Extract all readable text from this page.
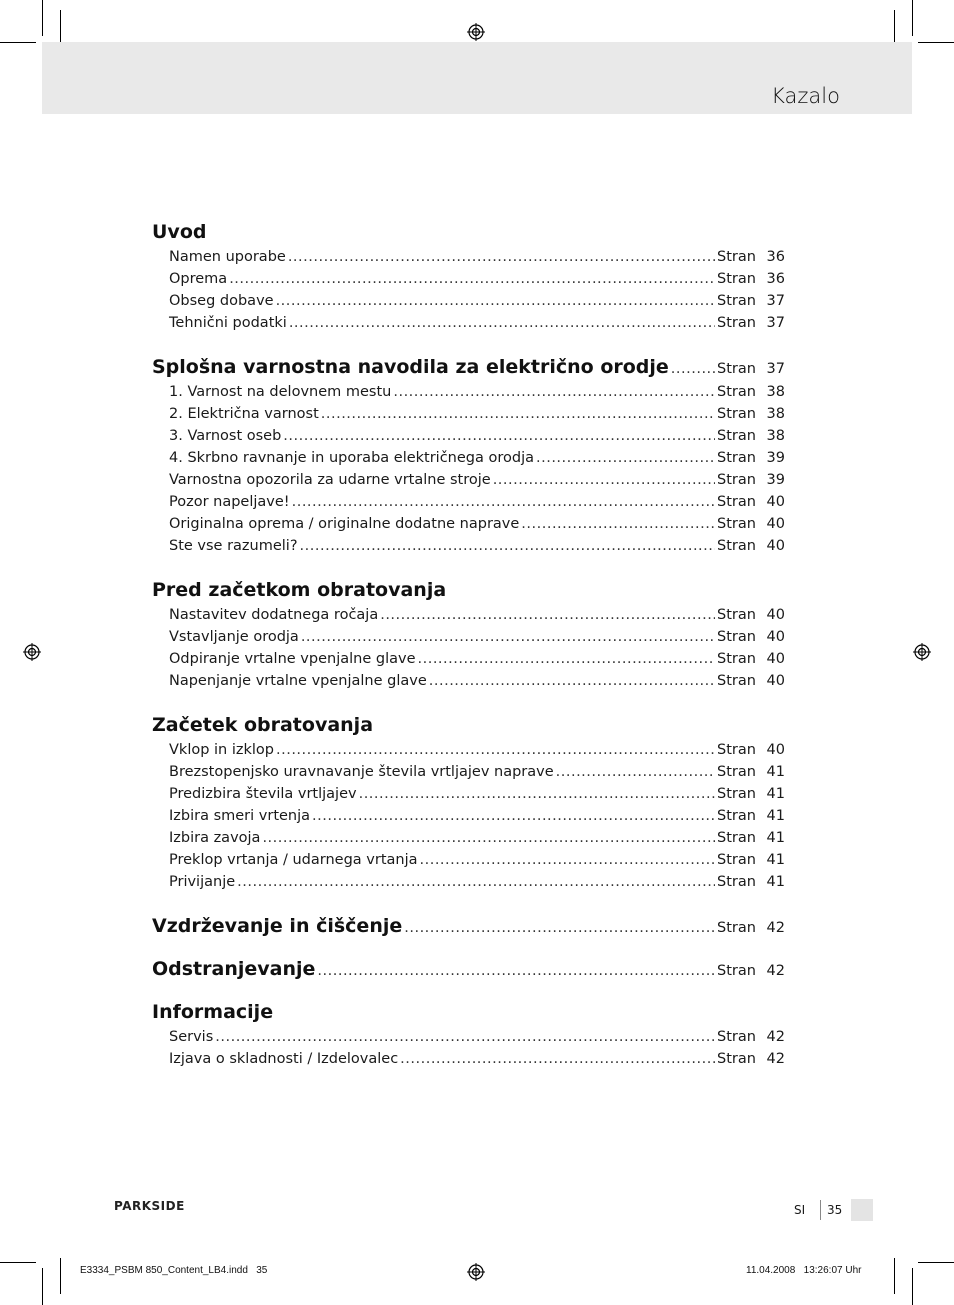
Kazalo
Uvod
Namen uporabe .....	Stran 36
Oprema .....	Stran 36
Obseg dobave .....	Stran 37
Tehnični podatki .....	Stran 37
Splošna varnostna navodila za električno orodje .....	Stran 37
1. Varnost na delovnem mestu .....	Stran 38
2. Električna varnost .....	Stran 38
3. Varnost oseb .....	Stran 38
4. Skrbno ravnanje in uporaba električnega orodja .....	Stran 39
Varnostna opozorila za udarne vrtalne stroje .....	Stran 39
Pozor napeljave! .....	Stran 40
Originalna oprema / originalne dodatne naprave .....	Stran 40
Ste vse razumeli? .....	Stran 40
Pred začetkom obratovanja
Nastavitev dodatnega ročaja .....	Stran 40
Vstavljanje orodja .....	Stran 40
Odpiranje vrtalne vpenjalne glave .....	Stran 40
Napenjanje vrtalne vpenjalne glave .....	Stran 40
Začetek obratovanja
Vklop in izklop .....	Stran 40
Brezstopenjsko uravnavanje števila vrtljajev naprave .....	Stran 41
Predizbira števila vrtljajev .....	Stran 41
Izbira smeri vrtenja .....	Stran 41
Izbira zavoja .....	Stran 41
Preklop vrtanja / udarnega vrtanja .....	Stran 41
Privijanje .....	Stran 41
Vzdrževanje in čiščenje .....	Stran 42
Odstranjevanje .....	Stran 42
Informacije
Servis .....	Stran 42
Izjava o skladnosti / Izdelovalec .....	Stran 42
PARKSIDE	SI	35
E3334_PSBM 850_Content_LB4.indd   35	11.04.2008   13:26:07 Uhr
